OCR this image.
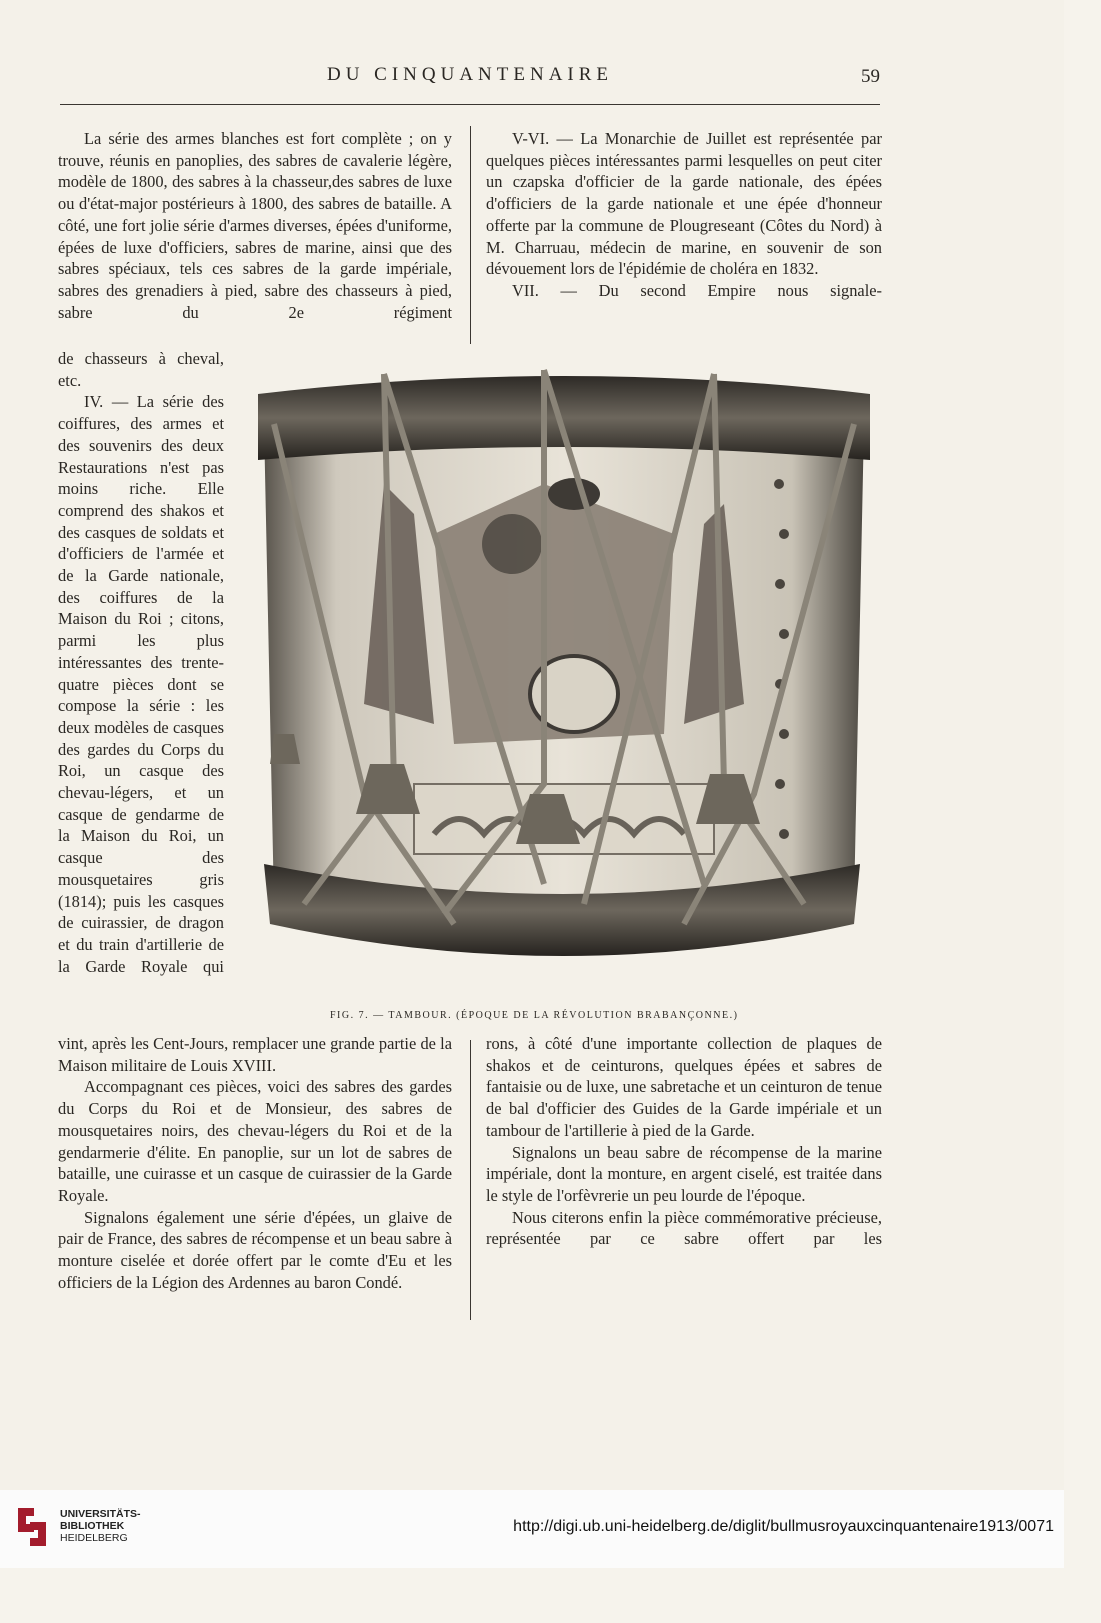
DU CINQUANTENAIRE	59
La série des armes blanches est fort complète ; on y trouve, réunis en panoplies, des sabres de cavalerie légère, modèle de 1800, des sabres à la chasseur,des sabres de luxe ou d'état-major postérieurs à 1800, des sabres de bataille. A côté, une fort jolie série d'armes diverses, épées d'uniforme, épées de luxe d'officiers, sabres de marine, ainsi que des sabres spéciaux, tels ces sabres de la garde impériale, sabres des grenadiers à pied, sabre des chasseurs à pied, sabre du 2e régiment
de chasseurs à cheval, etc.
IV. — La série des coiffures, des armes et des souvenirs des deux Restaurations n'est pas moins riche. Elle comprend des shakos et des casques de soldats et d'officiers de l'armée et de la Garde nationale, des coiffures de la Maison du Roi ; citons, parmi les plus intéressantes des trente-quatre pièces dont se compose la série : les deux modèles de casques des gardes du Corps du Roi, un casque des chevau-légers, et un casque de gendarme de la Maison du Roi, un casque des mousquetaires gris (1814); puis les casques de cuirassier, de dragon et du train d'artillerie de la Garde Royale qui
vint, après les Cent-Jours, remplacer une grande partie de la Maison militaire de Louis XVIII.
Accompagnant ces pièces, voici des sabres des gardes du Corps du Roi et de Monsieur, des sabres de mousquetaires noirs, des chevau-légers du Roi et de la gendarmerie d'élite. En panoplie, sur un lot de sabres de bataille, une cuirasse et un casque de cuirassier de la Garde Royale.
Signalons également une série d'épées, un glaive de pair de France, des sabres de récompense et un beau sabre à monture ciselée et dorée offert par le comte d'Eu et les officiers de la Légion des Ardennes au baron Condé.
V-VI. — La Monarchie de Juillet est représentée par quelques pièces intéressantes parmi lesquelles on peut citer un czapska d'officier de la garde nationale, des épées d'officiers de la garde nationale et une épée d'honneur offerte par la commune de Plougreseant (Côtes du Nord) à M. Charruau, médecin de marine, en souvenir de son dévouement lors de l'épidémie de choléra en 1832.
VII. — Du second Empire nous signale-
rons, à côté d'une importante collection de plaques de shakos et de ceinturons, quelques épées et sabres de fantaisie ou de luxe, une sabretache et un ceinturon de tenue de bal d'officier des Guides de la Garde impériale et un tambour de l'artillerie à pied de la Garde.
Signalons un beau sabre de récompense de la marine impériale, dont la monture, en argent ciselé, est traitée dans le style de l'orfèvrerie un peu lourde de l'époque.
Nous citerons enfin la pièce commémorative précieuse, représentée par ce sabre offert par les
FIG. 7. — TAMBOUR. (ÉPOQUE DE LA RÉVOLUTION BRABANÇONNE.)
UNIVERSITÄTS-
BIBLIOTHEK
HEIDELBERG
http://digi.ub.uni-heidelberg.de/diglit/bullmusroyauxcinquantenaire1913/0071
